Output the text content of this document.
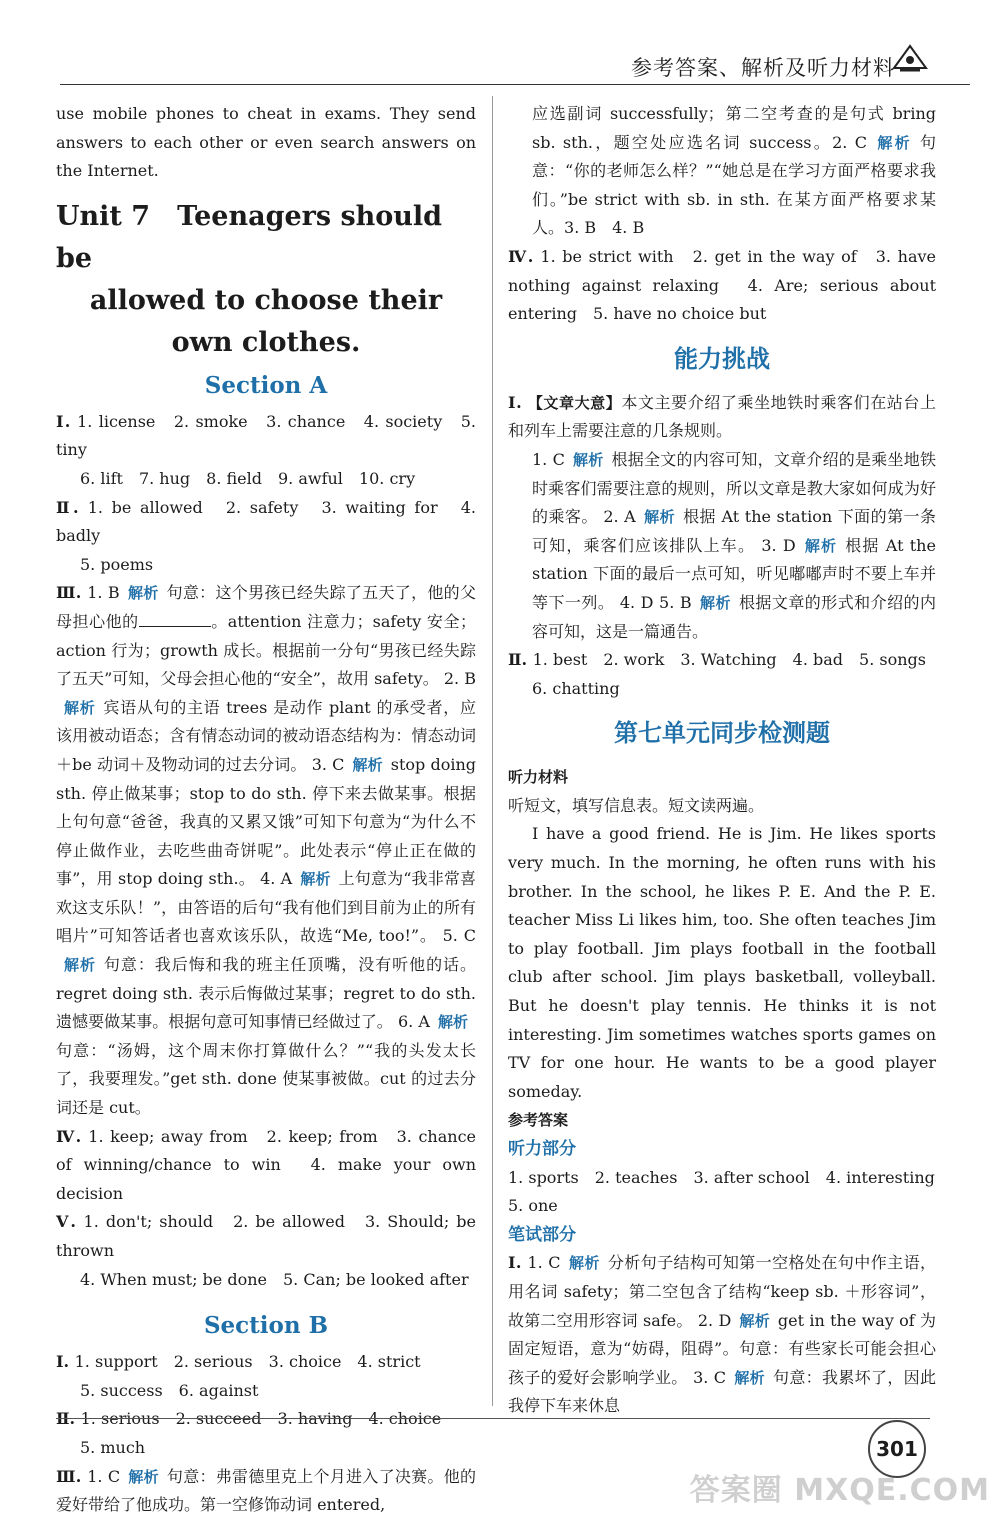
参考答案、解析及听力材料

use mobile phones to cheat in exams. They send answers to each other or even search answers on the Internet.

Unit 7　Teenagers should be
allowed to choose their
own clothes.
Section A

Ⅰ. 1. license　2. smoke　3. chance　4. society　5. tiny

6. lift　7. hug　8. field　9. awful　10. cry

Ⅱ. 1. be allowed　2. safety　3. waiting for　4. badly

5. poems

Ⅲ. 1. B 解析 句意：这个男孩已经失踪了五天了，他的父母担心他的	。attention 注意力；safety 安全；action 行为；growth 成长。根据前一分句“男孩已经失踪了五天”可知，父母会担心他的“安全”，故用 safety。 2. B解析 宾语从句的主语 trees 是动作 plant 的承受者，应该用被动语态；含有情态动词的被动语态结构为：情态动词＋be 动词＋及物动词的过去分词。 3. C 解析 stop doing sth. 停止做某事；stop to do sth. 停下来去做某事。根据上句句意“爸爸，我真的又累又饿”可知下句意为“为什么不停止做作业，去吃些曲奇饼呢”。此处表示“停止正在做的事”，用 stop doing sth.。 4. A 解析 上句意为“我非常喜欢这支乐队！”，由答语的后句“我有他们到目前为止的所有唱片”可知答话者也喜欢该乐队，故选“Me, too!”。 5. C解析 句意：我后悔和我的班主任顶嘴，没有听他的话。regret doing sth. 表示后悔做过某事；regret to do sth. 遗憾要做某事。根据句意可知事情已经做过了。 6. A 解析句意：“汤姆，这个周末你打算做什么？”“我的头发太长了，我要理发。”get sth. done 使某事被做。cut 的过去分词还是 cut。

Ⅳ. 1. keep; away from　2. keep; from　3. chance of winning/chance to win　4. make your own decision

Ⅴ. 1. don't; should　2. be allowed　3. Should; be thrown

4. When must; be done　5. Can; be looked after

Section B

Ⅰ. 1. support　2. serious　3. choice　4. strict

5. success　6. against

Ⅱ. 1. serious　2. succeed　3. having　4. choice

5. much

Ⅲ. 1. C 解析 句意：弗雷德里克上个月进入了决赛。他的爱好带给了他成功。第一空修饰动词 entered,

应选副词 successfully；第二空考查的是句式 bring sb. sth.，题空处应选名词 success。2. C 解析 句意：“你的老师怎么样？”“她总是在学习方面严格要求我们。”be strict with sb. in sth. 在某方面严格要求某人。3. B　4. B

Ⅳ. 1. be strict with　2. get in the way of　3. have nothing against relaxing　4. Are; serious about entering　5. have no choice but

能力挑战

Ⅰ. 【文章大意】本文主要介绍了乘坐地铁时乘客们在站台上和列车上需要注意的几条规则。

1. C 解析 根据全文的内容可知，文章介绍的是乘坐地铁时乘客们需要注意的规则，所以文章是教大家如何成为好的乘客。 2. A 解析 根据 At the station 下面的第一条可知，乘客们应该排队上车。 3. D 解析 根据 At the station 下面的最后一点可知，听见嘟嘟声时不要上车并等下一列。 4. D 5. B 解析 根据文章的形式和介绍的内容可知，这是一篇通告。

Ⅱ. 1. best　2. work　3. Watching　4. bad　5. songs

6. chatting

第七单元同步检测题

听力材料

听短文，填写信息表。短文读两遍。

I have a good friend. He is Jim. He likes sports very much. In the morning, he often runs with his brother. In the school, he likes P. E. And the P. E. teacher Miss Li likes him, too. She often teaches Jim to play football. Jim plays football in the football club after school. Jim plays basketball, volleyball. But he doesn't play tennis. He thinks it is not interesting. Jim sometimes watches sports games on TV for one hour. He wants to be a good player someday.

参考答案

听力部分

1. sports　2. teaches　3. after school　4. interesting

5. one

笔试部分

Ⅰ. 1. C 解析 分析句子结构可知第一空格处在句中作主语，用名词 safety；第二空包含了结构“keep sb. ＋形容词”，故第二空用形容词 safe。 2. D 解析 get in the way of 为固定短语，意为“妨碍，阻碍”。句意：有些家长可能会担心孩子的爱好会影响学业。 3. C 解析 句意：我累坏了，因此我停下车来休息

301
答案圈 MXQE.COM
